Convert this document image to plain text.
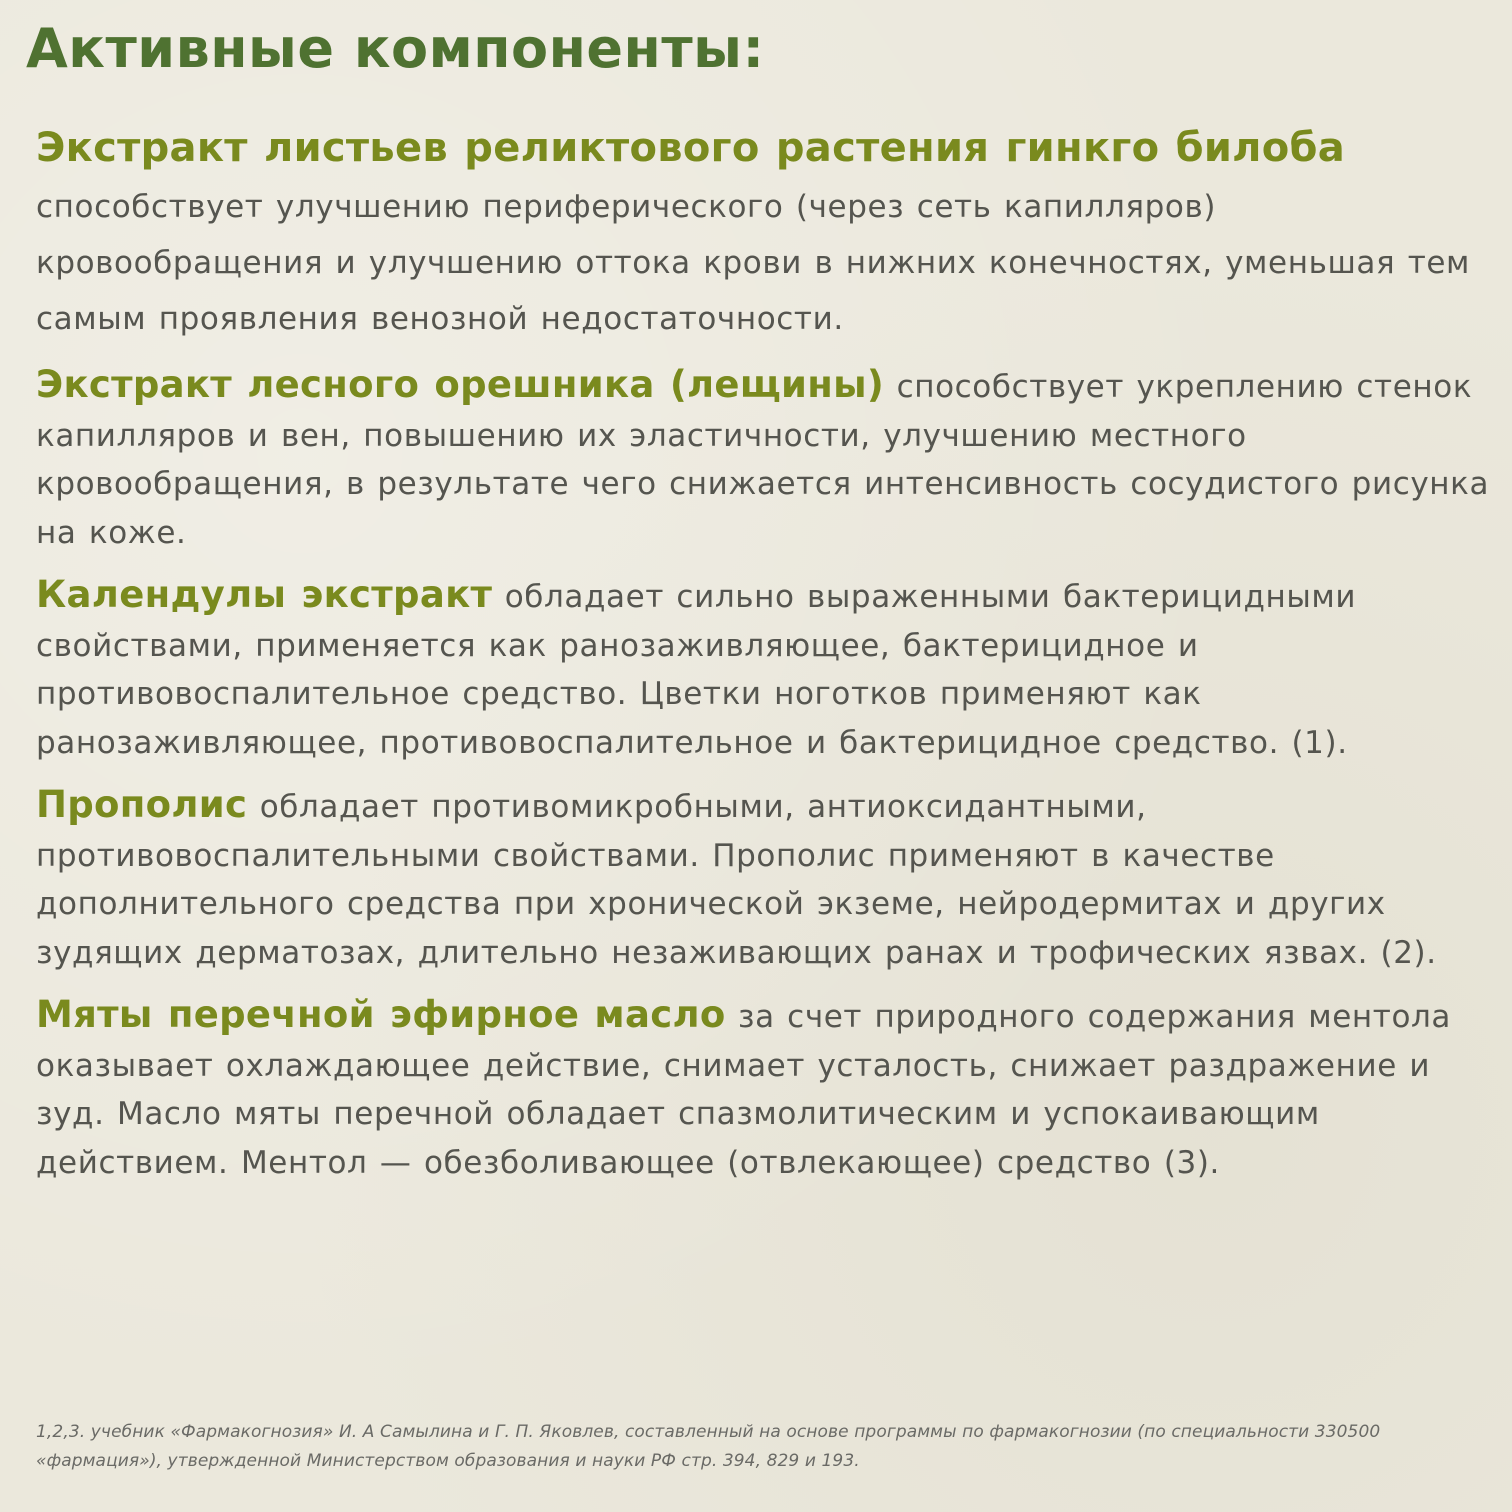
Активные компоненты:

Экстракт листьев реликтового растения гинкго билоба способствует улучшению периферического (через сеть капилляров) кровообращения и улучшению оттока крови в нижних конечностях, уменьшая тем самым проявления венозной недостаточности.

Экстракт лесного орешника (лещины) способствует укреплению стенок капилляров и вен, повышению их эластичности, улучшению местного кровообращения, в результате чего снижается интенсивность сосудистого рисунка на коже.

Календулы экстракт обладает сильно выраженными бактерицидными свойствами, применяется как ранозаживляющее, бактерицидное и противовоспалительное средство. Цветки ноготков применяют как ранозаживляющее, противовоспалительное и бактерицидное средство. (1).

Прополис обладает противомикробными, антиоксидантными, противовоспалительными свойствами. Прополис применяют в качестве дополнительного средства при хронической экземе, нейродермитах и других зудящих дерматозах, длительно незаживающих ранах и трофических язвах. (2).

Мяты перечной эфирное масло за счет природного содержания ментола оказывает охлаждающее действие, снимает усталость, снижает раздражение и зуд. Масло мяты перечной обладает спазмолитическим и успокаивающим действием. Ментол — обезболивающее (отвлекающее) средство (3).

1,2,3. учебник «Фармакогнозия» И. А Самылина и Г. П. Яковлев, составленный на основе программы по фармакогнозии (по специальности 330500 «фармация»), утвержденной Министерством образования и науки РФ стр. 394, 829 и 193.
